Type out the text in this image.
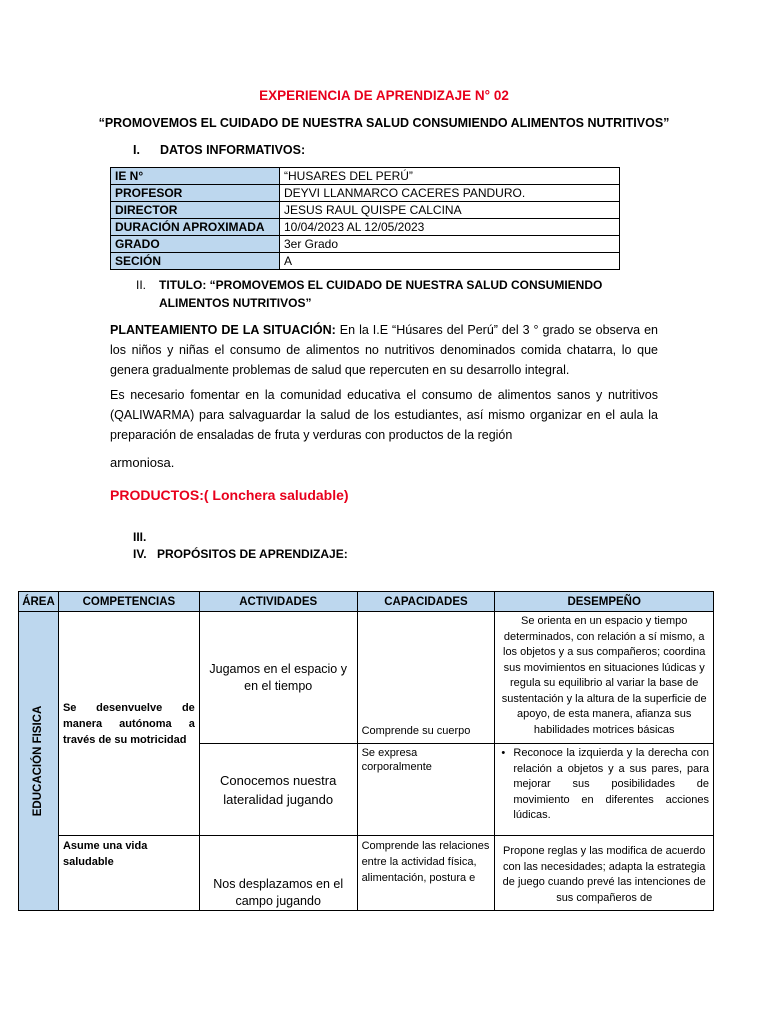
EXPERIENCIA DE APRENDIZAJE N° 02
“PROMOVEMOS EL CUIDADO DE NUESTRA SALUD CONSUMIENDO ALIMENTOS NUTRITIVOS”
I. DATOS INFORMATIVOS:
IE N°	“HUSARES DEL PERÚ”
PROFESOR	DEYVI LLANMARCO CACERES PANDURO.
DIRECTOR	JESUS RAUL QUISPE CALCINA
DURACIÓN APROXIMADA	10/04/2023 AL 12/05/2023
GRADO	3er Grado
SECIÓN	A
II. TITULO: “PROMOVEMOS EL CUIDADO DE NUESTRA SALUD CONSUMIENDO
ALIMENTOS NUTRITIVOS”
PLANTEAMIENTO DE LA SITUACIÓN: En la I.E “Húsares del Perú” del 3 ° grado se observa en los niños y niñas el consumo de alimentos no nutritivos denominados comida chatarra, lo que genera gradualmente problemas de salud que repercuten en su desarrollo integral.
Es necesario fomentar en la comunidad educativa el consumo de alimentos sanos y nutritivos (QALIWARMA) para salvaguardar la salud de los estudiantes, así mismo organizar en el aula la preparación de ensaladas de fruta y verduras con productos de la región
armoniosa.
PRODUCTOS:( Lonchera saludable)
III.
IV. PROPÓSITOS DE APRENDIZAJE:
ÁREA	COMPETENCIAS	ACTIVIDADES	CAPACIDADES	DESEMPEÑO

EDUCACIÓN FISICA	Se desenvuelve de manera autónoma a través de su motricidad	Jugamos en el espacio y en el tiempo	Comprende su cuerpo	Se orienta en un espacio y tiempo determinados, con relación a sí mismo, a los objetos y a sus compañeros; coordina sus movimientos en situaciones lúdicas y regula su equilibrio al variar la base de sustentación y la altura de la superficie de apoyo, de esta manera, afianza sus habilidades motrices básicas
		Conocemos nuestra lateralidad jugando	Se expresa corporalmente	• Reconoce la izquierda y la derecha con relación a objetos y a sus pares, para mejorar sus posibilidades de movimiento en diferentes acciones lúdicas.

	Asume una vida saludable	Nos desplazamos en el campo jugando	Comprende las relaciones entre la actividad física, alimentación, postura e	Propone reglas y las modifica de acuerdo con las necesidades; adapta la estrategia de juego cuando prevé las intenciones de sus compañeros de
